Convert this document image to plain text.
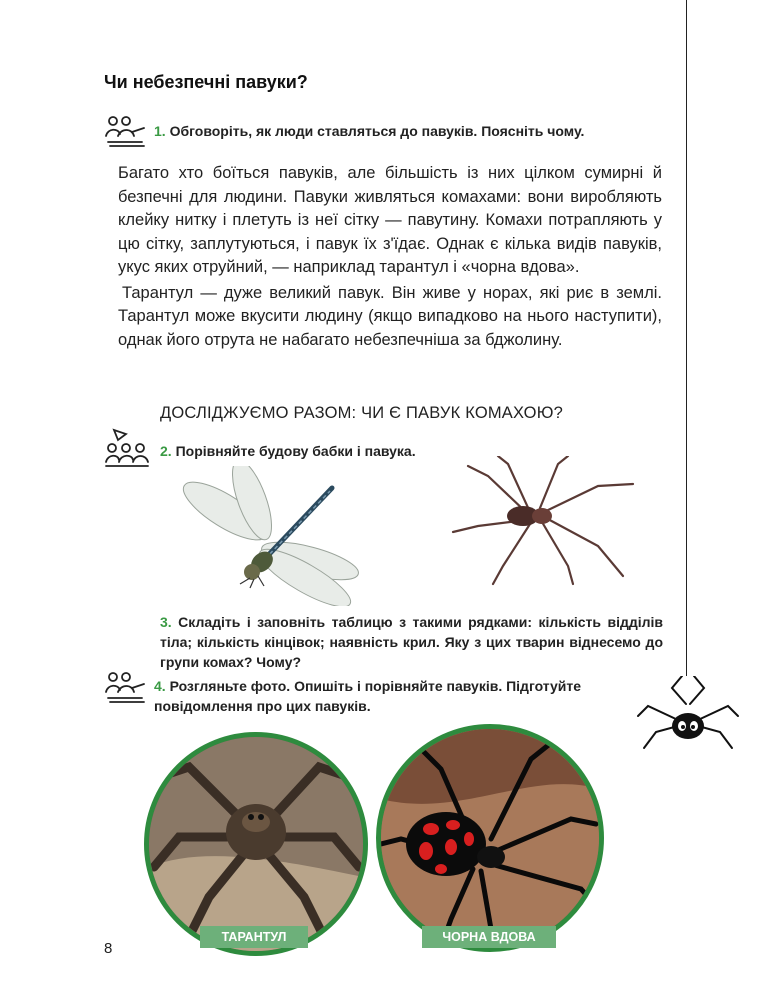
Чи небезпечні павуки?
1. Обговоріть, як люди ставляться до павуків. Поясніть чому.

Багато хто боїться павуків, але більшість із них цілком сумирні й безпечні для людини. Павуки живляться комахами: вони виробляють клейку нитку і плетуть із неї сітку — павутину. Комахи потрапляють у цю сітку, заплутуються, і павук їх з'їдає. Однак є кілька видів павуків, укус яких отруйний, — наприклад тарантул і «чорна вдова».

Тарантул — дуже великий павук. Він живе у норах, які риє в землі. Тарантул може вкусити людину (якщо випадково на нього наступити), однак його отрута не набагато небезпечніша за бджолину.

ДОСЛІДЖУЄМО РАЗОМ: ЧИ Є ПАВУК КОМАХОЮ?
2. Порівняйте будову бабки і павука.
3. Складіть і заповніть таблицю з такими рядками: кількість відділів тіла; кількість кінцівок; наявність крил. Яку з цих тварин віднесемо до групи комах? Чому?
4. Розгляньте фото. Опишіть і порівняйте павуків. Підготуйте повідомлення про цих павуків.
ТАРАНТУЛ	ЧОРНА ВДОВА
8
